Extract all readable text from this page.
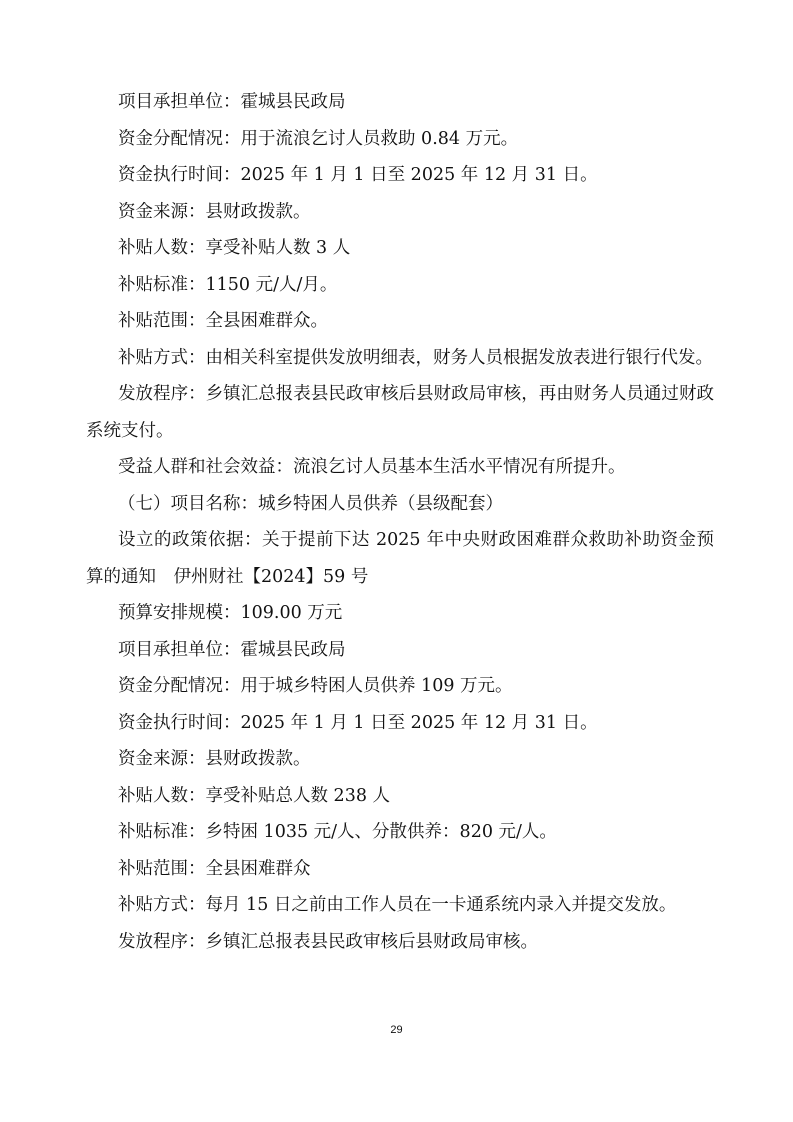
项目承担单位：霍城县民政局

资金分配情况：用于流浪乞讨人员救助 0.84 万元。

资金执行时间：2025 年 1 月 1 日至 2025 年 12 月 31 日。

资金来源：县财政拨款。

补贴人数：享受补贴人数 3 人

补贴标准：1150 元/人/月。

补贴范围：全县困难群众。

补贴方式：由相关科室提供发放明细表，财务人员根据发放表进行银行代发。

发放程序：乡镇汇总报表县民政审核后县财政局审核，再由财务人员通过财政系统支付。

受益人群和社会效益：流浪乞讨人员基本生活水平情况有所提升。

（七）项目名称：城乡特困人员供养（县级配套）

设立的政策依据：关于提前下达 2025 年中央财政困难群众救助补助资金预算的通知　伊州财社【2024】59 号

预算安排规模：109.00 万元

项目承担单位：霍城县民政局

资金分配情况：用于城乡特困人员供养 109 万元。

资金执行时间：2025 年 1 月 1 日至 2025 年 12 月 31 日。

资金来源：县财政拨款。

补贴人数：享受补贴总人数 238 人

补贴标准：乡特困 1035 元/人、分散供养：820 元/人。

补贴范围：全县困难群众

补贴方式：每月 15 日之前由工作人员在一卡通系统内录入并提交发放。

发放程序：乡镇汇总报表县民政审核后县财政局审核。

29
